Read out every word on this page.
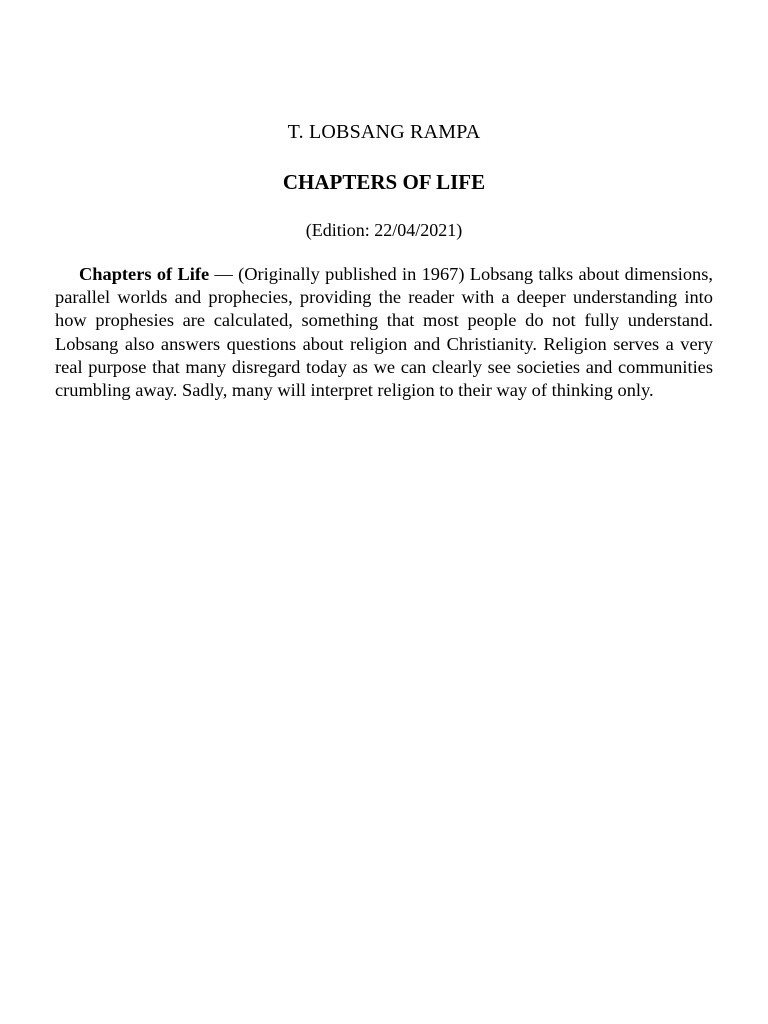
T. LOBSANG RAMPA
CHAPTERS OF LIFE
(Edition: 22/04/2021)

Chapters of Life — (Originally published in 1967) Lobsang talks about dimensions, parallel worlds and prophecies, providing the reader with a deeper understanding into how prophesies are calculated, something that most people do not fully understand. Lobsang also answers questions about religion and Christianity. Religion serves a very real purpose that many disregard today as we can clearly see societies and communities crumbling away. Sadly, many will interpret religion to their way of thinking only.
